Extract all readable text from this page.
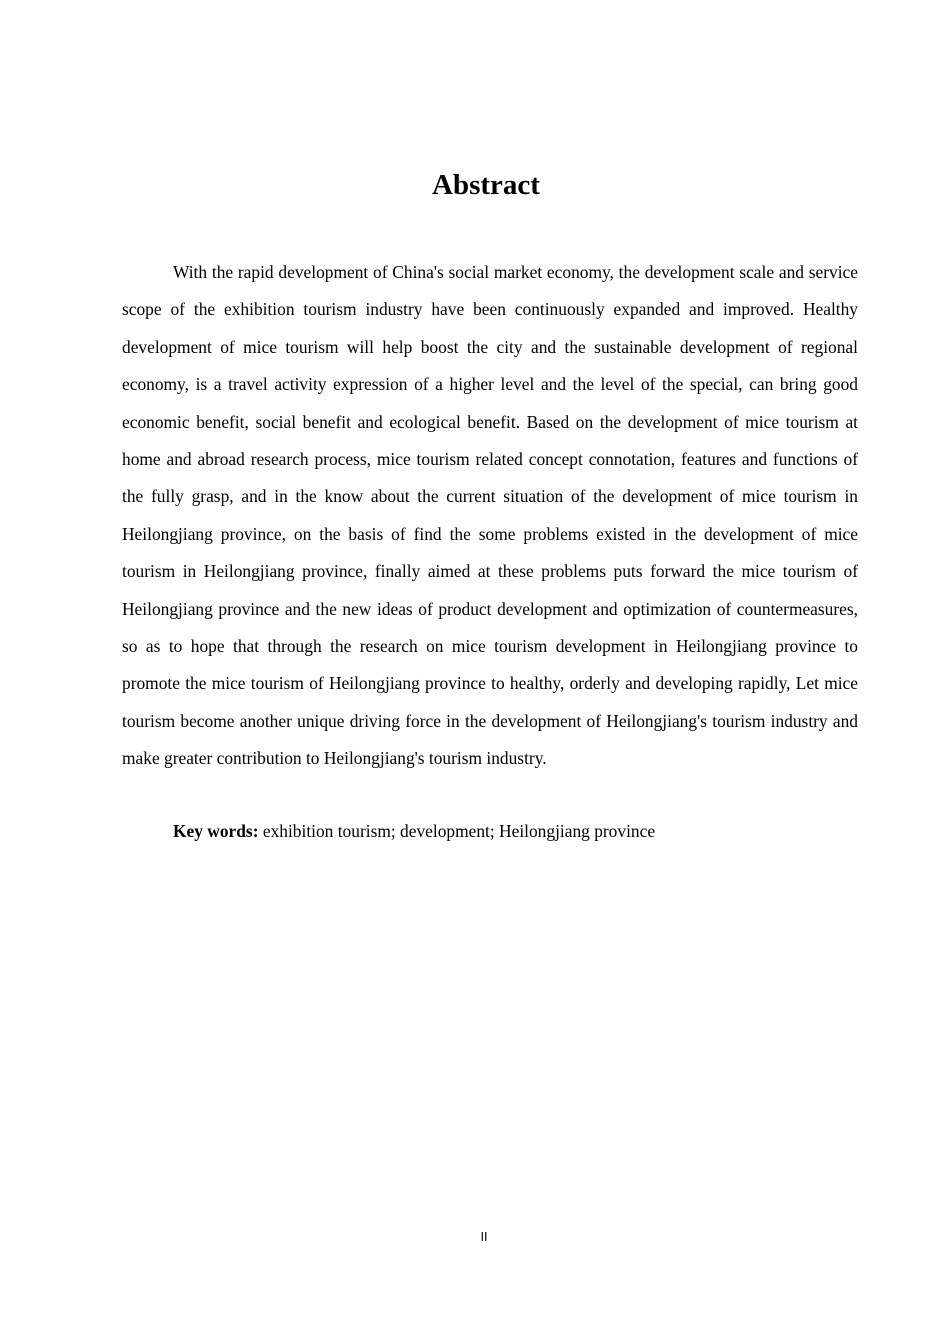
Abstract

With the rapid development of China's social market economy, the development scale and service scope of the exhibition tourism industry have been continuously expanded and improved. Healthy development of mice tourism will help boost the city and the sustainable development of regional economy, is a travel activity expression of a higher level and the level of the special, can bring good economic benefit, social benefit and ecological benefit. Based on the development of mice tourism at home and abroad research process, mice tourism related concept connotation, features and functions of the fully grasp, and in the know about the current situation of the development of mice tourism in Heilongjiang province, on the basis of find the some problems existed in the development of mice tourism in Heilongjiang province, finally aimed at these problems puts forward the mice tourism of Heilongjiang province and the new ideas of product development and optimization of countermeasures, so as to hope that through the research on mice tourism development in Heilongjiang province to promote the mice tourism of Heilongjiang province to healthy, orderly and developing rapidly, Let mice tourism become another unique driving force in the development of Heilongjiang's tourism industry and make greater contribution to Heilongjiang's tourism industry.

Key words: exhibition tourism; development; Heilongjiang province

II
